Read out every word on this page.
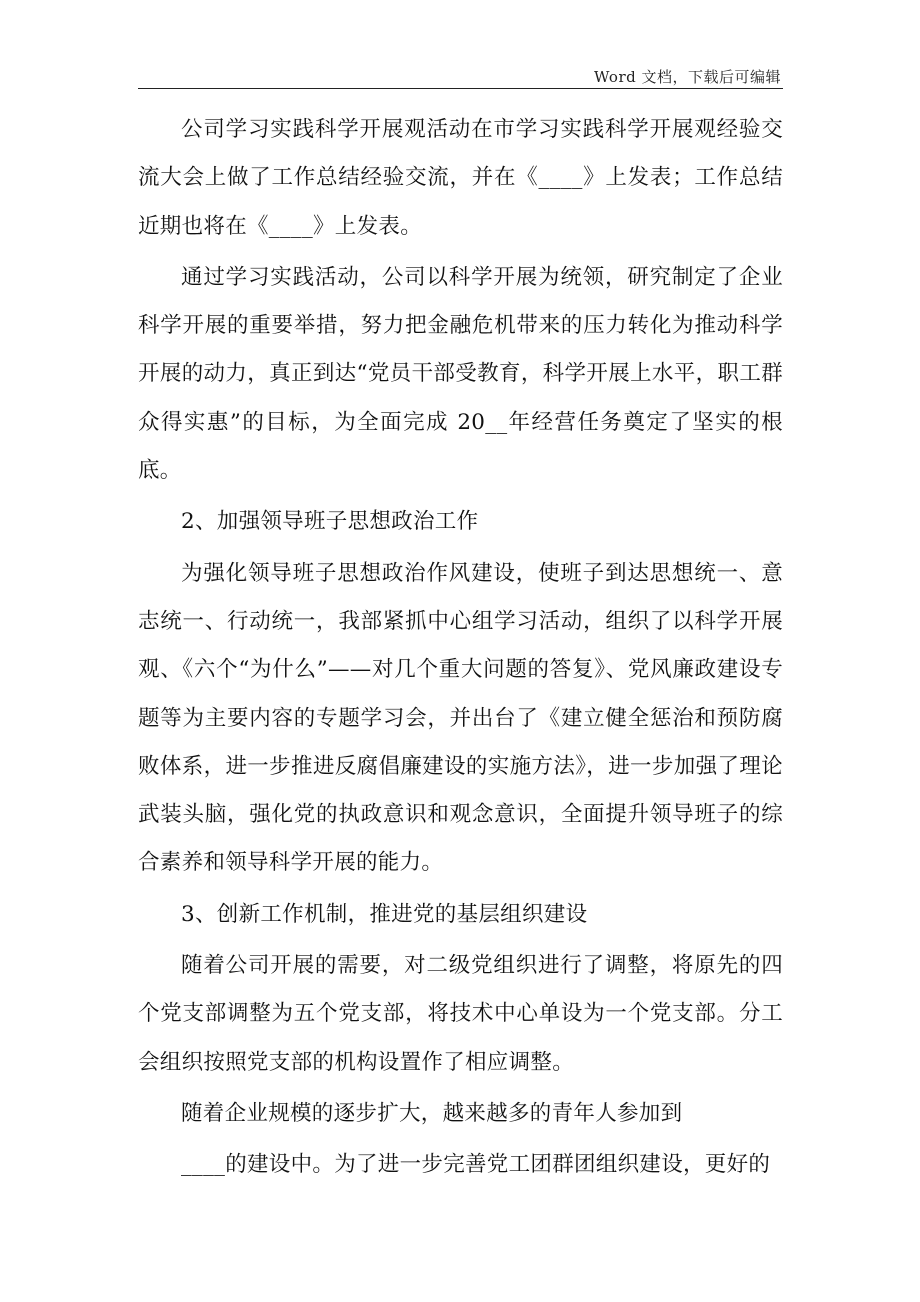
Word 文档，下载后可编辑

公司学习实践科学开展观活动在市学习实践科学开展观经验交流大会上做了工作总结经验交流，并在《____》上发表；工作总结近期也将在《____》上发表。

通过学习实践活动，公司以科学开展为统领，研究制定了企业科学开展的重要举措，努力把金融危机带来的压力转化为推动科学开展的动力，真正到达“党员干部受教育，科学开展上水平，职工群众得实惠”的目标，为全面完成 20__年经营任务奠定了坚实的根底。

2、加强领导班子思想政治工作

为强化领导班子思想政治作风建设，使班子到达思想统一、意志统一、行动统一，我部紧抓中心组学习活动，组织了以科学开展观、《六个“为什么”——对几个重大问题的答复》、党风廉政建设专题等为主要内容的专题学习会，并出台了《建立健全惩治和预防腐败体系，进一步推进反腐倡廉建设的实施方法》，进一步加强了理论武装头脑，强化党的执政意识和观念意识，全面提升领导班子的综合素养和领导科学开展的能力。

3、创新工作机制，推进党的基层组织建设

随着公司开展的需要，对二级党组织进行了调整，将原先的四个党支部调整为五个党支部，将技术中心单设为一个党支部。分工会组织按照党支部的机构设置作了相应调整。

随着企业规模的逐步扩大，越来越多的青年人参加到

____的建设中。为了进一步完善党工团群团组织建设，更好的
